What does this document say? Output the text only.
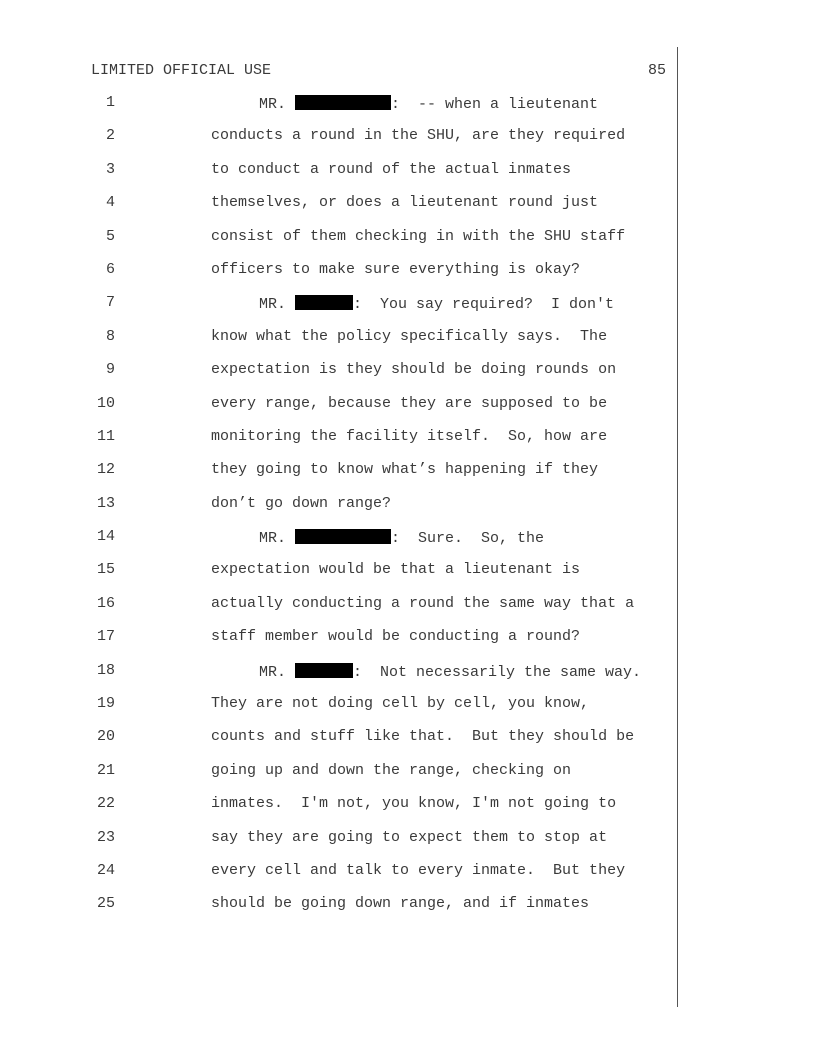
LIMITED OFFICIAL USE	85
1	MR.	:  -- when a lieutenant
2	conducts a round in the SHU, are they required
3	to conduct a round of the actual inmates
4	themselves, or does a lieutenant round just
5	consist of them checking in with the SHU staff
6	officers to make sure everything is okay?
7	MR.	:  You say required?  I don't
8	know what the policy specifically says.  The
9	expectation is they should be doing rounds on
10	every range, because they are supposed to be
11	monitoring the facility itself.  So, how are
12	they going to know what’s happening if they
13	don’t go down range?
14	MR.	:  Sure.  So, the
15	expectation would be that a lieutenant is
16	actually conducting a round the same way that a
17	staff member would be conducting a round?
18	MR.	:  Not necessarily the same way.
19	They are not doing cell by cell, you know,
20	counts and stuff like that.  But they should be
21	going up and down the range, checking on
22	inmates.  I'm not, you know, I'm not going to
23	say they are going to expect them to stop at
24	every cell and talk to every inmate.  But they
25	should be going down range, and if inmates
